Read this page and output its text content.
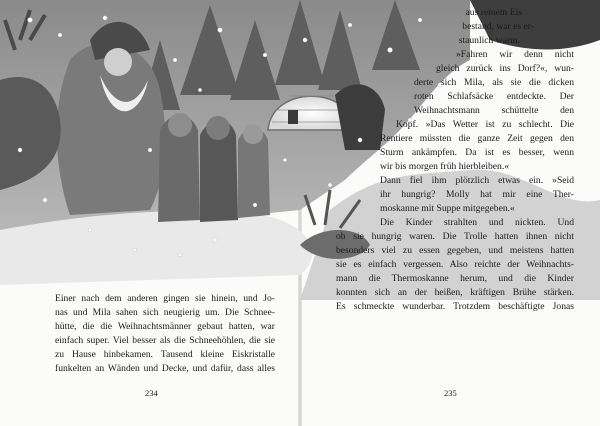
Einer nach dem anderen gingen sie hinein, und Jo-
nas und Mila sahen sich neugierig um. Die Schnee-
hütte, die die Weihnachtsmänner gebaut hatten, war
einfach super. Viel besser als die Schneehöhlen, die sie
zu Hause hinbekamen. Tausend kleine Eiskristalle
funkelten an Wänden und Decke, und dafür, dass alles
234
aus reinem Eis
bestand, war es er-
staunlich warm.
»Fahren wir denn nicht
gleich zurück ins Dorf?«, wun-
derte sich Mila, als sie die dicken
roten Schlafsäcke entdeckte. Der
Weihnachtsmann schüttelte den
Kopf. »Das Wetter ist zu schlecht. Die
Rentiere müssten die ganze Zeit gegen den
Sturm ankämpfen. Da ist es besser, wenn
wir bis morgen früh hierbleiben.«
Dann fiel ihm plötzlich etwas ein. »Seid
ihr hungrig? Molly hat mir eine Ther-
moskanne mit Suppe mitgegeben.«
Die Kinder strahlten und nickten. Und
ob sie hungrig waren. Die Trolle hatten ihnen nicht
besonders viel zu essen gegeben, und meistens hatten
sie es einfach vergessen. Also reichte der Weihnachts-
mann die Thermoskanne herum, und die Kinder
konnten sich an der heißen, kräftigen Brühe stärken.
Es schmeckte wunderbar. Trotzdem beschäftigte Jonas
235
